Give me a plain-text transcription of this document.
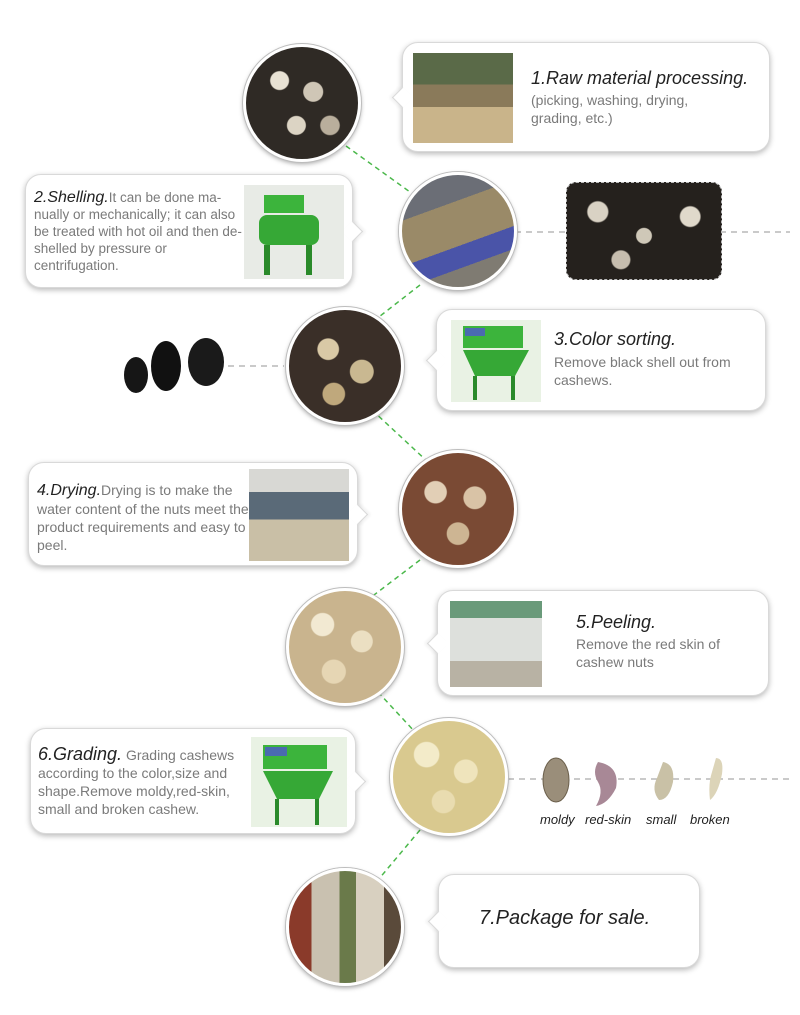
moldy red-skin small broken
1.Raw material processing.
(picking, washing, drying, grading, etc.)
2.Shelling.It can be done ma- nually or mechanically; it can also be treated with hot oil and then de-shelled by pressure or centrifugation.
3.Color sorting.
Remove black shell out from cashews.
4.Drying.Drying is to make the water content of the nuts meet the product requirements and easy to peel.
5.Peeling.
Remove the red skin of cashew nuts
6.Grading. Grading cashews according to the color,size and shape.Remove moldy,red-skin, small and broken cashew.
7.Package for sale.
